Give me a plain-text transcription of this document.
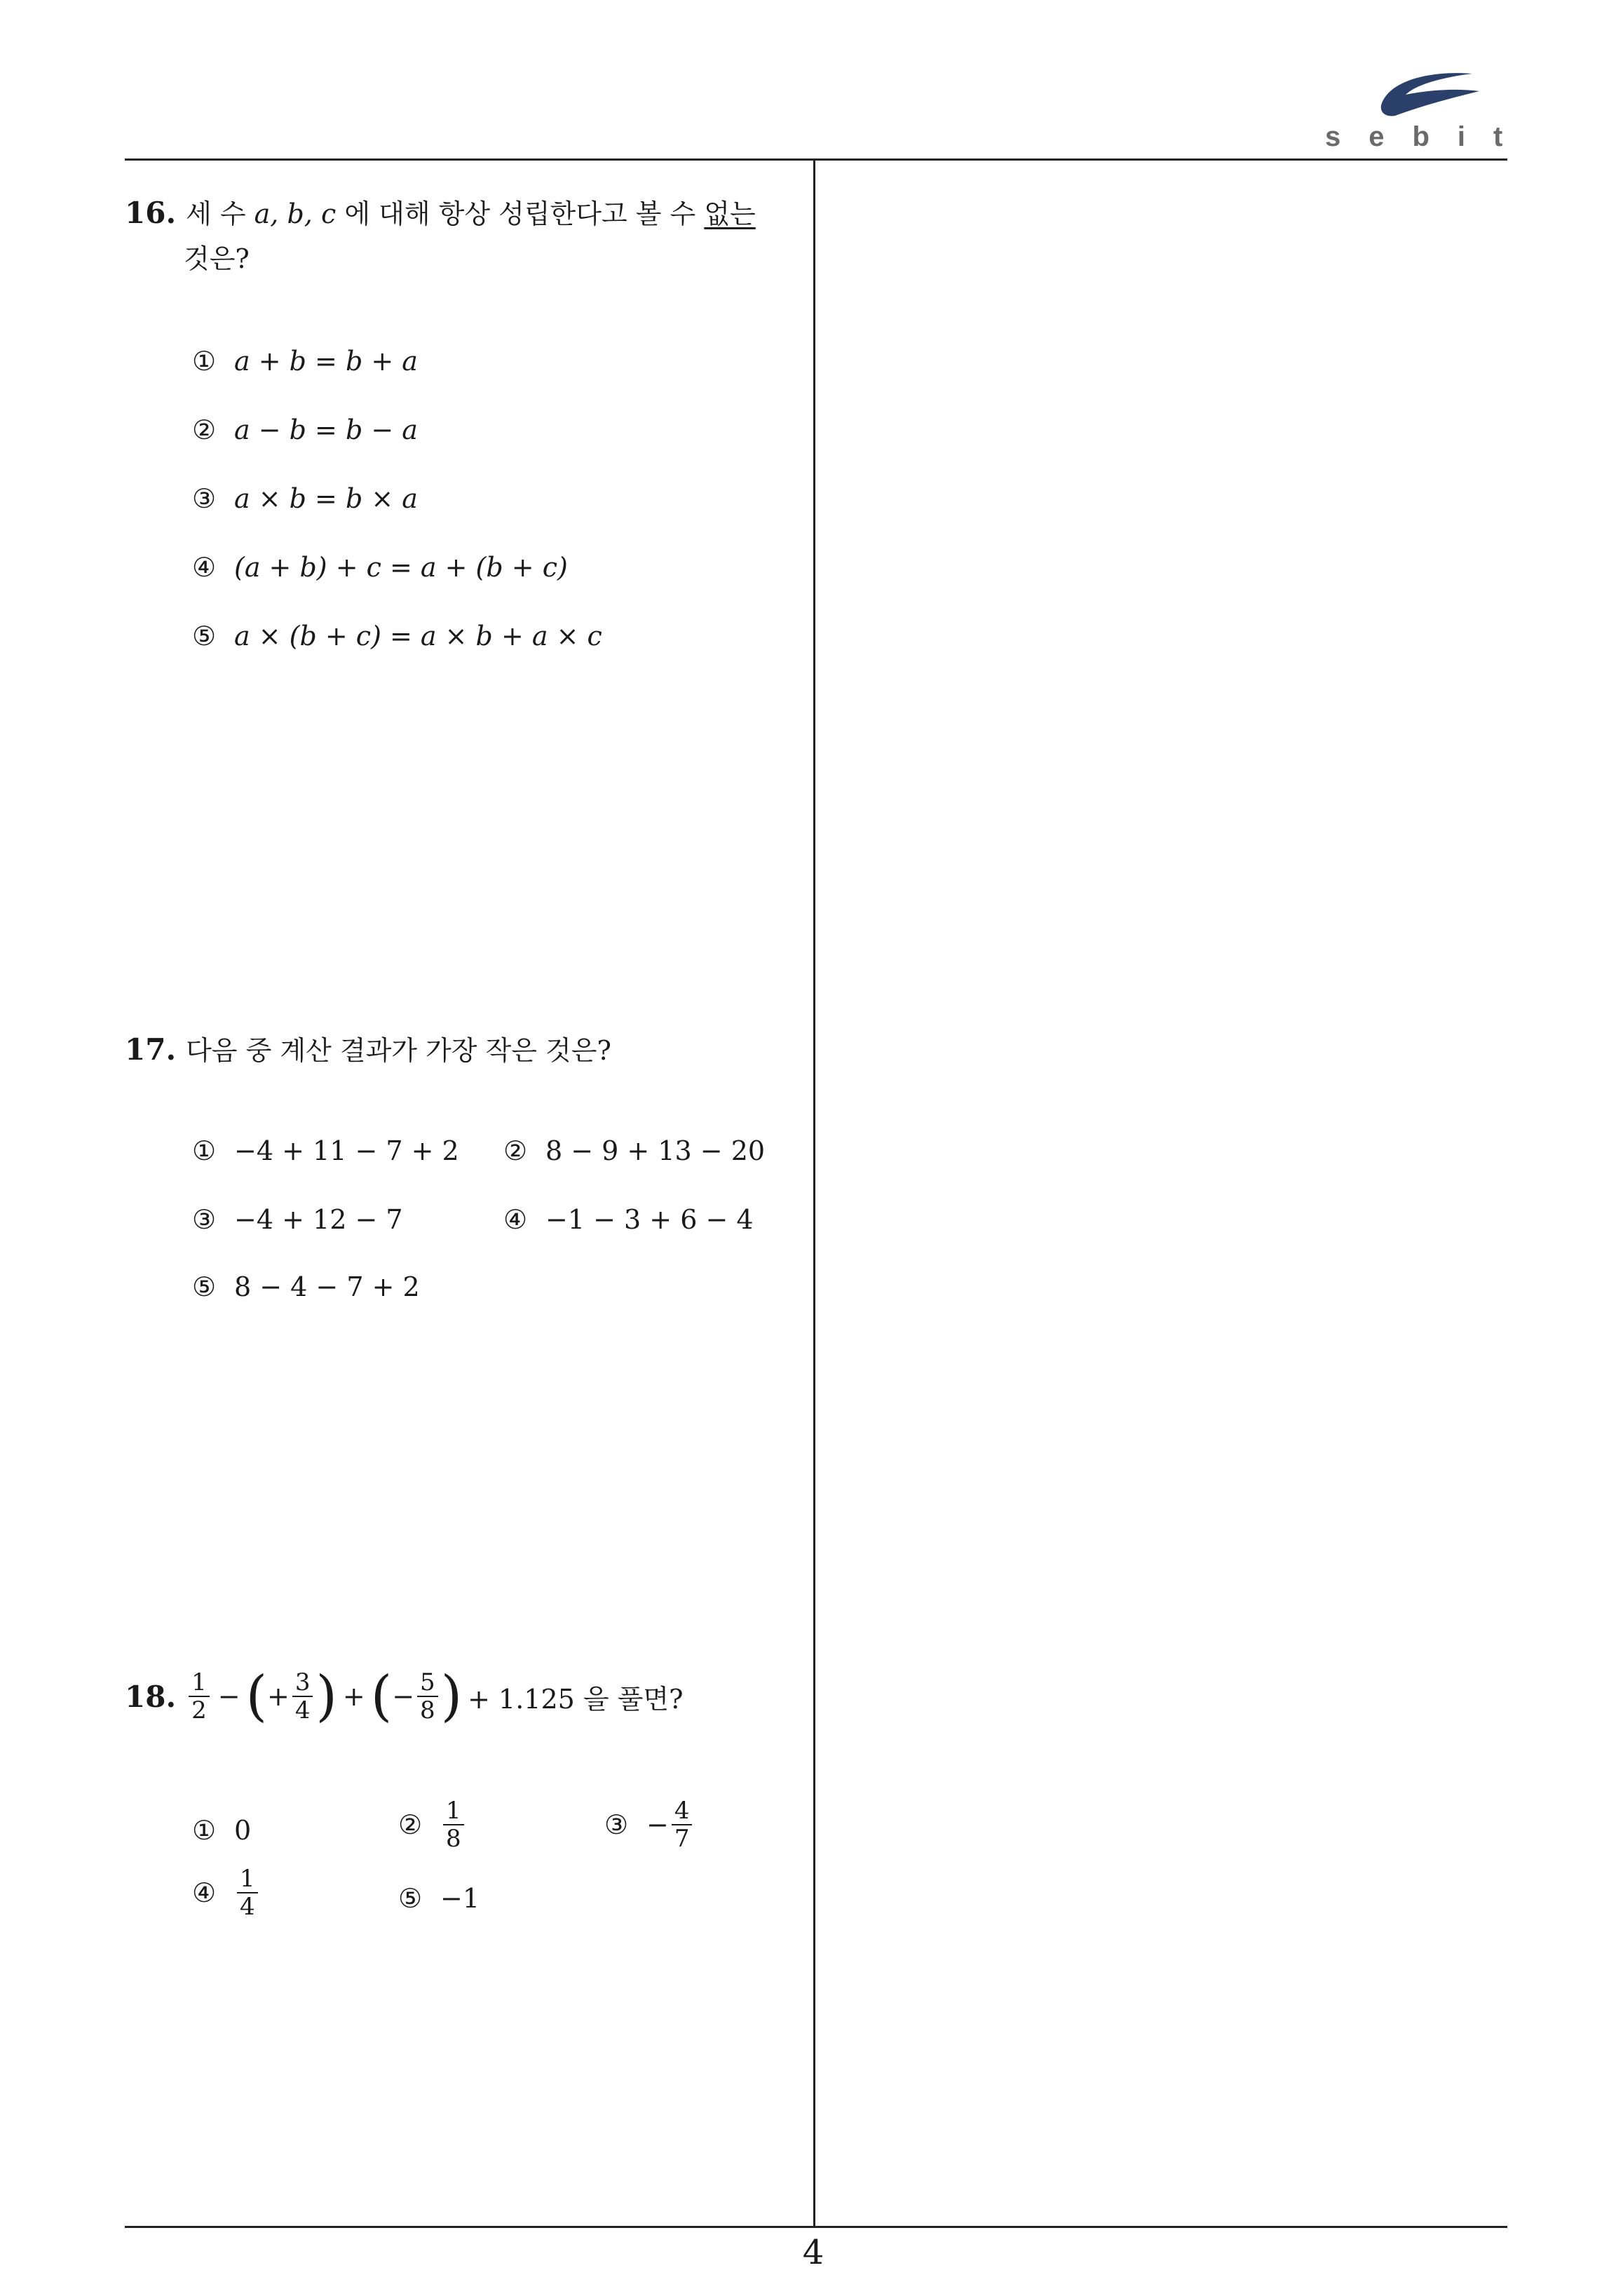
sebit
4
16. 세 수 a, b, c 에 대해 항상 성립한다고 볼 수 없는
것은?
① a + b = b + a
② a − b = b − a
③ a × b = b × a
④ (a + b) + c = a + (b + c)
⑤ a × (b + c) = a × b + a × c
17. 다음 중 계산 결과가 가장 작은 것은?
① −4 + 11 − 7 + 2 ② 8 − 9 + 13 − 20
③ −4 + 12 − 7	④ −1 − 3 + 6 − 4
⑤ 8 − 4 − 7 + 2
18. $\frac{1}{2}$ − ( + $\frac{3}{4}$ ) + ( − $\frac{5}{8}$ ) + 1.125 을 풀면?
① 0	② $\frac{1}{8}$	③ − $\frac{4}{7}$
④ $\frac{1}{4}$	⑤ −1
